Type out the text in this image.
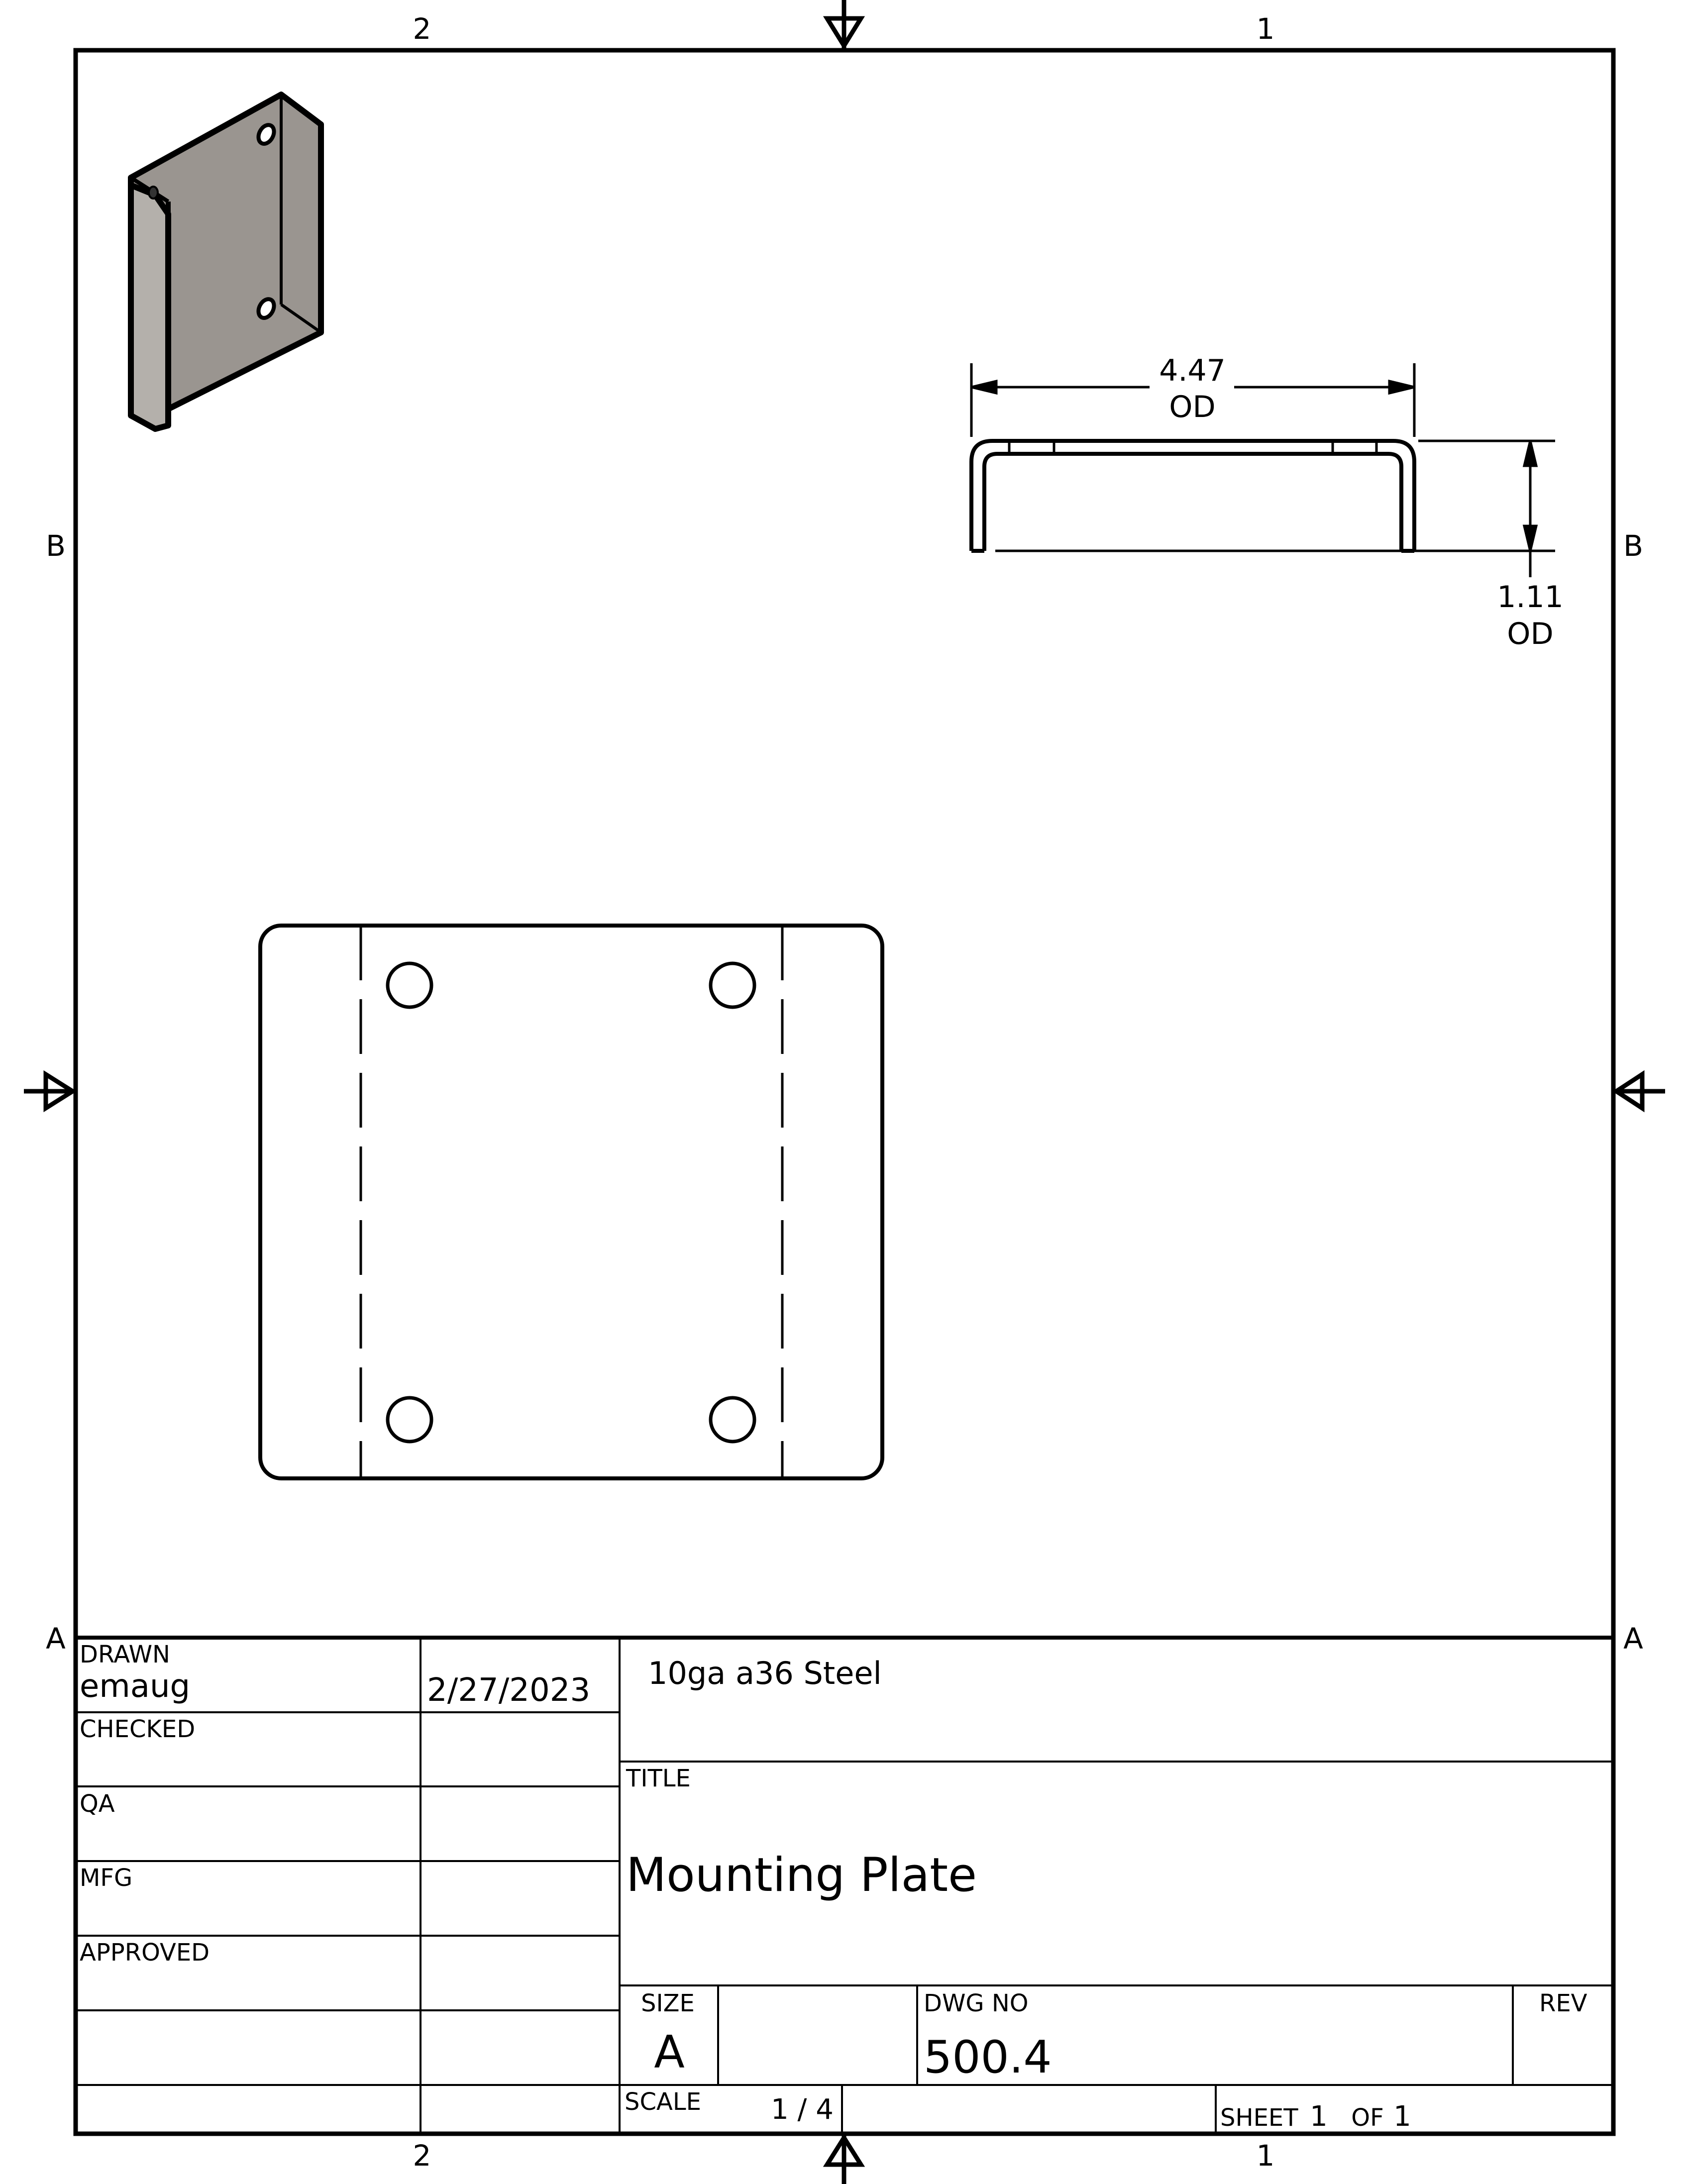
2	1
2	1
B	B
A	A
4.47
OD
1.11
OD
DRAWN
emaug	2/27/2023
CHECKED
QA
MFG
APPROVED
10ga a36 Steel
TITLE
Mounting Plate
SIZE
A
DWG NO
500.4
REV
SCALE	1 / 4	SHEET 1 OF 1
